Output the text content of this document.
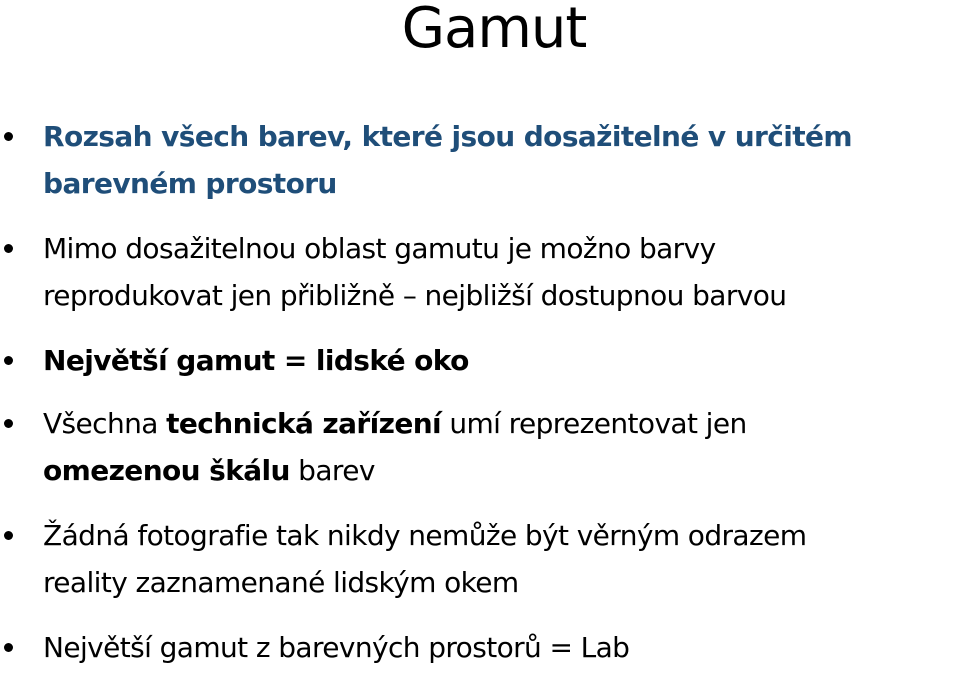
Gamut
Rozsah všech barev, které jsou dosažitelné v určitém
barevném prostoru
Mimo dosažitelnou oblast gamutu je možno barvy
reprodukovat jen přibližně – nejbližší dostupnou barvou
Největší gamut = lidské oko
Všechna technická zařízení umí reprezentovat jen
omezenou škálu barev
Žádná fotografie tak nikdy nemůže být věrným odrazem
reality zaznamenané lidským okem
Největší gamut z barevných prostorů = Lab
